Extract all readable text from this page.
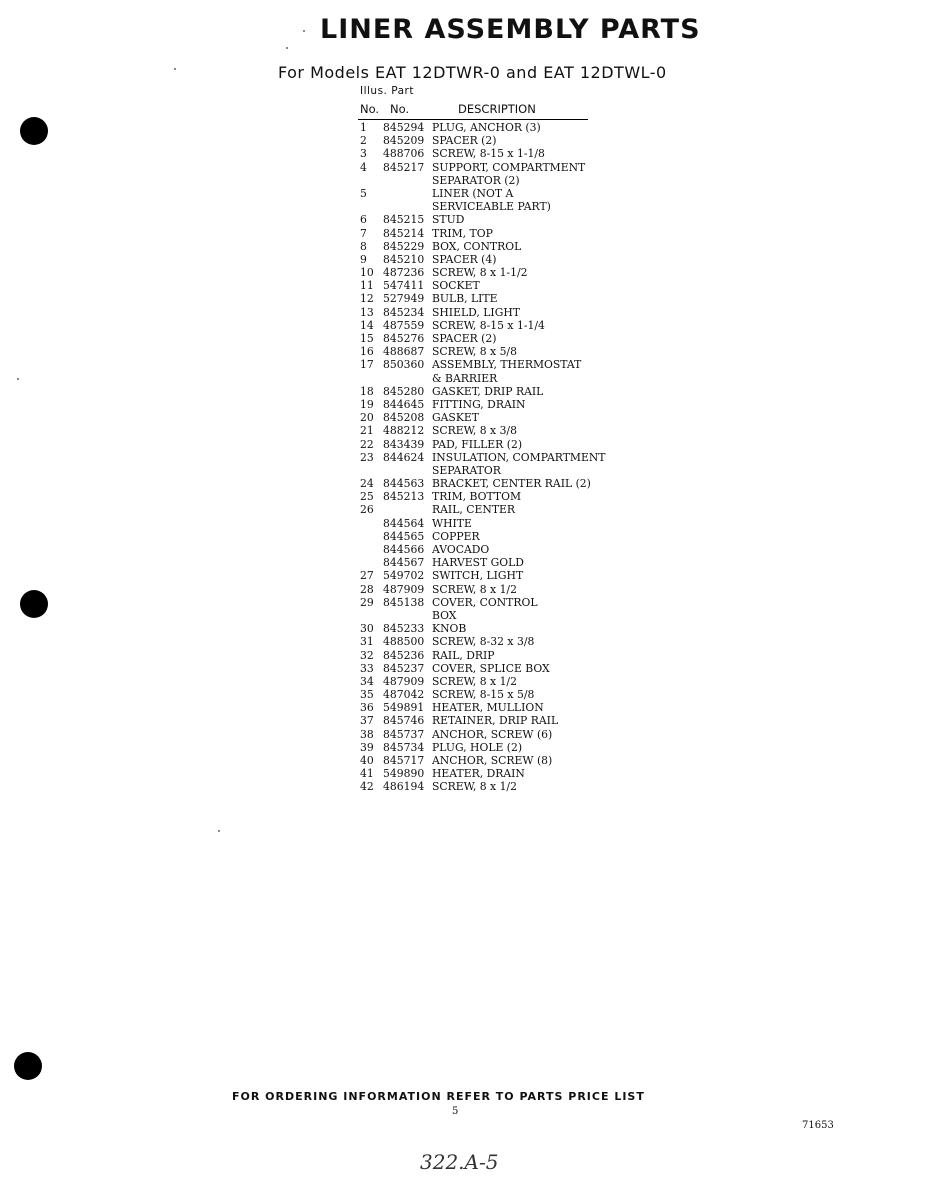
LINER ASSEMBLY PARTS
For Models EAT 12DTWR-0 and EAT 12DTWL-0
Illus. Part
No.   No.	DESCRIPTION
1 845294 PLUG, ANCHOR (3)
2 845209 SPACER (2)
3 488706 SCREW, 8-15 x 1-1/8
4 845217 SUPPORT, COMPARTMENT
SEPARATOR (2)
5	LINER (NOT A
SERVICEABLE PART)
6 845215 STUD
7 845214 TRIM, TOP
8 845229 BOX, CONTROL
9 845210 SPACER (4)
10 487236 SCREW, 8 x 1-1/2
11 547411 SOCKET
12 527949 BULB, LITE
13 845234 SHIELD, LIGHT
14 487559 SCREW, 8-15 x 1-1/4
15 845276 SPACER (2)
16 488687 SCREW, 8 x 5/8
17 850360 ASSEMBLY, THERMOSTAT
& BARRIER
18 845280 GASKET, DRIP RAIL
19 844645 FITTING, DRAIN
20 845208 GASKET
21 488212 SCREW, 8 x 3/8
22 843439 PAD, FILLER (2)
23 844624 INSULATION, COMPARTMENT
SEPARATOR
24 844563 BRACKET, CENTER RAIL (2)
25 845213 TRIM, BOTTOM
26	RAIL, CENTER
844564 WHITE
844565 COPPER
844566 AVOCADO
844567 HARVEST GOLD
27 549702 SWITCH, LIGHT
28 487909 SCREW, 8 x 1/2
29 845138 COVER, CONTROL
BOX
30 845233 KNOB
31 488500 SCREW, 8-32 x 3/8
32 845236 RAIL, DRIP
33 845237 COVER, SPLICE BOX
34 487909 SCREW, 8 x 1/2
35 487042 SCREW, 8-15 x 5/8
36 549891 HEATER, MULLION
37 845746 RETAINER, DRIP RAIL
38 845737 ANCHOR, SCREW (6)
39 845734 PLUG, HOLE (2)
40 845717 ANCHOR, SCREW (8)
41 549890 HEATER, DRAIN
42 486194 SCREW, 8 x 1/2
FOR ORDERING INFORMATION REFER TO PARTS PRICE LIST
5
71653
322.A-5
